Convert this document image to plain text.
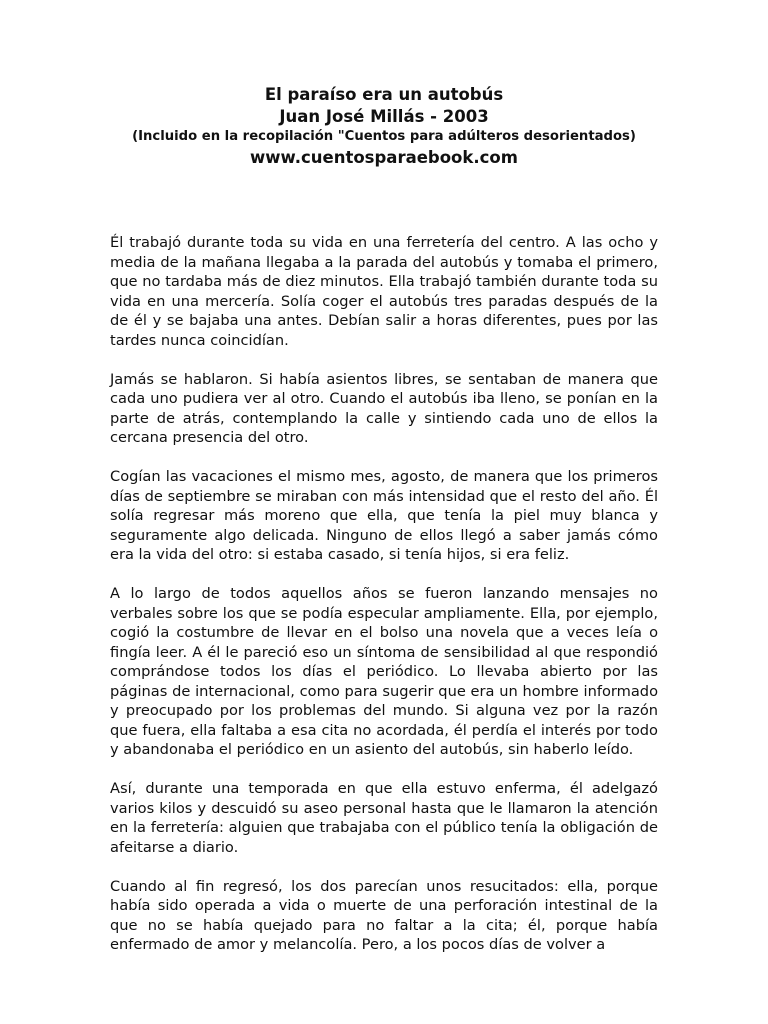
El paraíso era un autobús
Juan José Millás - 2003
(Incluido en la recopilación "Cuentos para adúlteros desorientados)
www.cuentosparaebook.com

Él trabajó durante toda su vida en una ferretería del centro. A las ocho y media de la mañana llegaba a la parada del autobús y tomaba el primero, que no tardaba más de diez minutos. Ella trabajó también durante toda su vida en una mercería. Solía coger el autobús tres paradas después de la de él y se bajaba una antes. Debían salir a horas diferentes, pues por las tardes nunca coincidían.

Jamás se hablaron. Si había asientos libres, se sentaban de manera que cada uno pudiera ver al otro. Cuando el autobús iba lleno, se ponían en la parte de atrás, contemplando la calle y sintiendo cada uno de ellos la cercana presencia del otro.

Cogían las vacaciones el mismo mes, agosto, de manera que los primeros días de septiembre se miraban con más intensidad que el resto del año. Él solía regresar más moreno que ella, que tenía la piel muy blanca y seguramente algo delicada. Ninguno de ellos llegó a saber jamás cómo era la vida del otro: si estaba casado, si tenía hijos, si era feliz.

A lo largo de todos aquellos años se fueron lanzando mensajes no verbales sobre los que se podía especular ampliamente. Ella, por ejemplo, cogió la costumbre de llevar en el bolso una novela que a veces leía o fingía leer. A él le pareció eso un síntoma de sensibilidad al que respondió comprándose todos los días el periódico. Lo llevaba abierto por las páginas de internacional, como para sugerir que era un hombre informado y preocupado por los problemas del mundo. Si alguna vez por la razón que fuera, ella faltaba a esa cita no acordada, él perdía el interés por todo y abandonaba el periódico en un asiento del autobús, sin haberlo leído.

Así, durante una temporada en que ella estuvo enferma, él adelgazó varios kilos y descuidó su aseo personal hasta que le llamaron la atención en la ferretería: alguien que trabajaba con el público tenía la obligación de afeitarse a diario.

Cuando al fin regresó, los dos parecían unos resucitados: ella, porque había sido operada a vida o muerte de una perforación intestinal de la que no se había quejado para no faltar a la cita; él, porque había enfermado de amor y melancolía. Pero, a los pocos días de volver a
